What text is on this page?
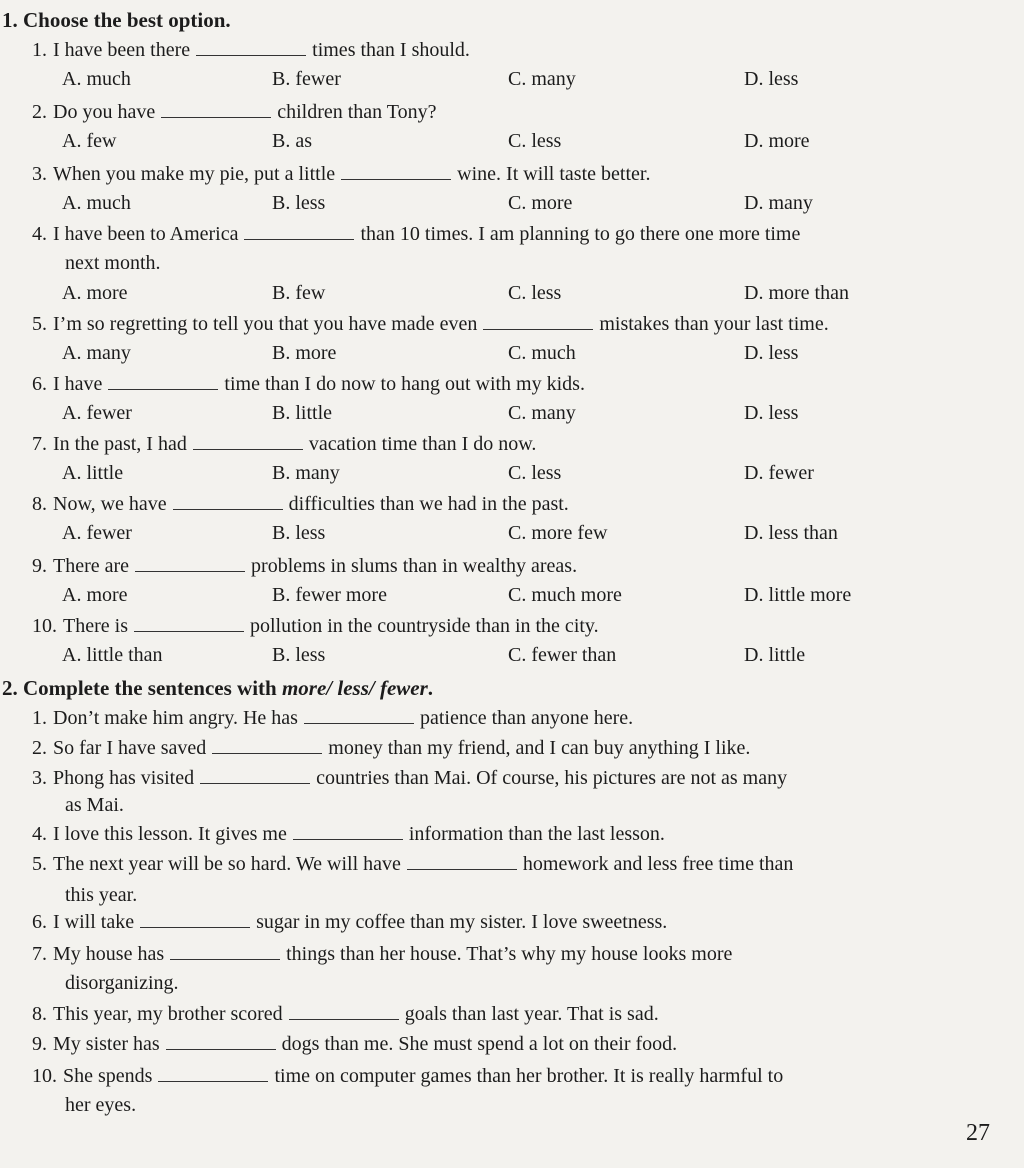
1. Choose the best option.
1. I have been there	times than I should.
A. much	B. fewer	C. many	D. less
2. Do you have	children than Tony?
A. few	B. as	C. less	D. more
3. When you make my pie, put a little	wine. It will taste better.
A. much	B. less	C. more	D. many
4. I have been to America	than 10 times. I am planning to go there one more time
next month.
A. more	B. few	C. less	D. more than
5. I’m so regretting to tell you that you have made even	mistakes than your last time.
A. many	B. more	C. much	D. less
6. I have	time than I do now to hang out with my kids.
A. fewer	B. little	C. many	D. less
7. In the past, I had	vacation time than I do now.
A. little	B. many	C. less	D. fewer
8. Now, we have	difficulties than we had in the past.
A. fewer	B. less	C. more few	D. less than
9. There are	problems in slums than in wealthy areas.
A. more	B. fewer more	C. much more	D. little more
10. There is	pollution in the countryside than in the city.
A. little than	B. less	C. fewer than	D. little
2. Complete the sentences with more/ less/ fewer.
1. Don’t make him angry. He has	patience than anyone here.
2. So far I have saved	money than my friend, and I can buy anything I like.
3. Phong has visited	countries than Mai. Of course, his pictures are not as many
as Mai.
4. I love this lesson. It gives me	information than the last lesson.
5. The next year will be so hard. We will have	homework and less free time than
this year.
6. I will take	sugar in my coffee than my sister. I love sweetness.
7. My house has	things than her house. That’s why my house looks more
disorganizing.
8. This year, my brother scored	goals than last year. That is sad.
9. My sister has	dogs than me. She must spend a lot on their food.
10. She spends	time on computer games than her brother. It is really harmful to
her eyes.
27
